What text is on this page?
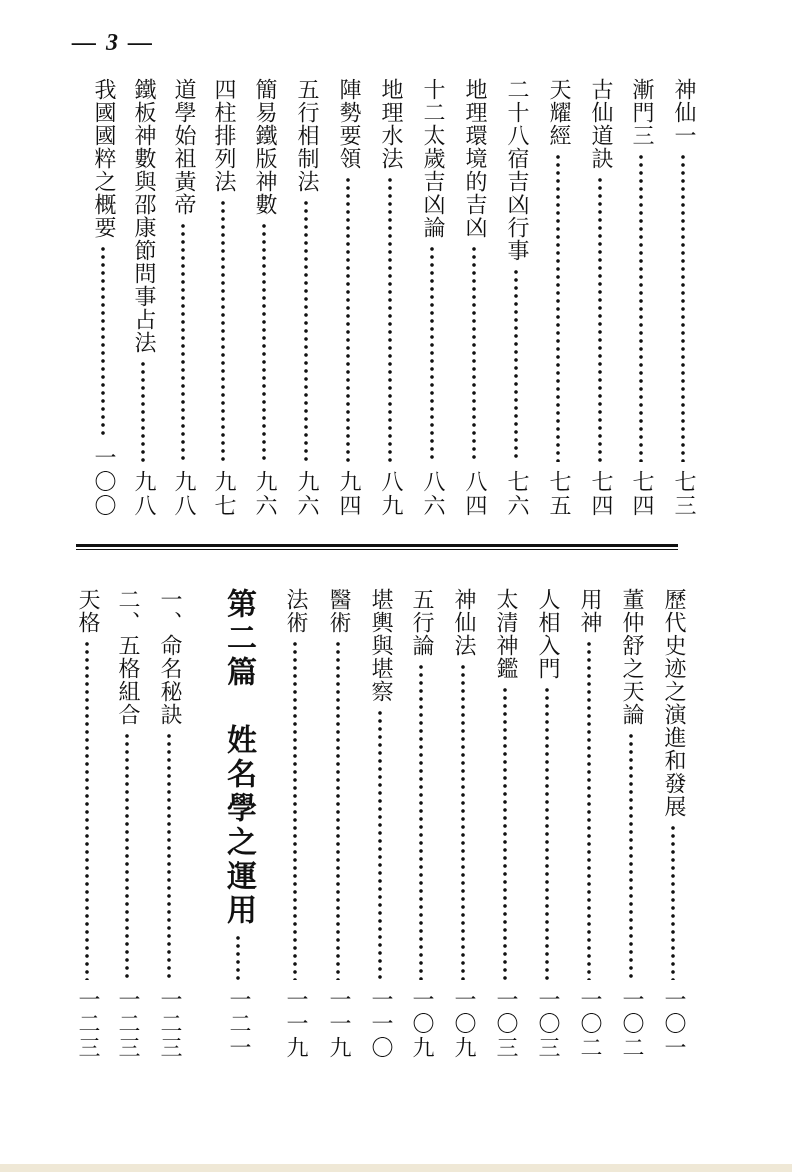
— 3 —
神仙一
七三
漸門三
七四
古仙道訣
七四
天耀經
七五
二十八宿吉凶行事
七六
地理環境的吉凶
八四
十二太歲吉凶論
八六
地理水法
八九
陣勢要領
九四
五行相制法
九六
簡易鐵版神數
九六
四柱排列法
九七
道學始祖黃帝
九八
鐵板神數與邵康節問事占法
九八
我國國粹之概要
一〇〇
歷代史迹之演進和發展
一〇一
董仲舒之天論
一〇二
用神
一〇二
人相入門
一〇三
太清神鑑
一〇三
神仙法
一〇九
五行論
一〇九
堪輿與堪察
一一〇
醫術
一一九
法術
一一九
第二篇　姓名學之運用
一二一
一、命名秘訣
一二三
二、五格組合
一二三
天格
一二三
